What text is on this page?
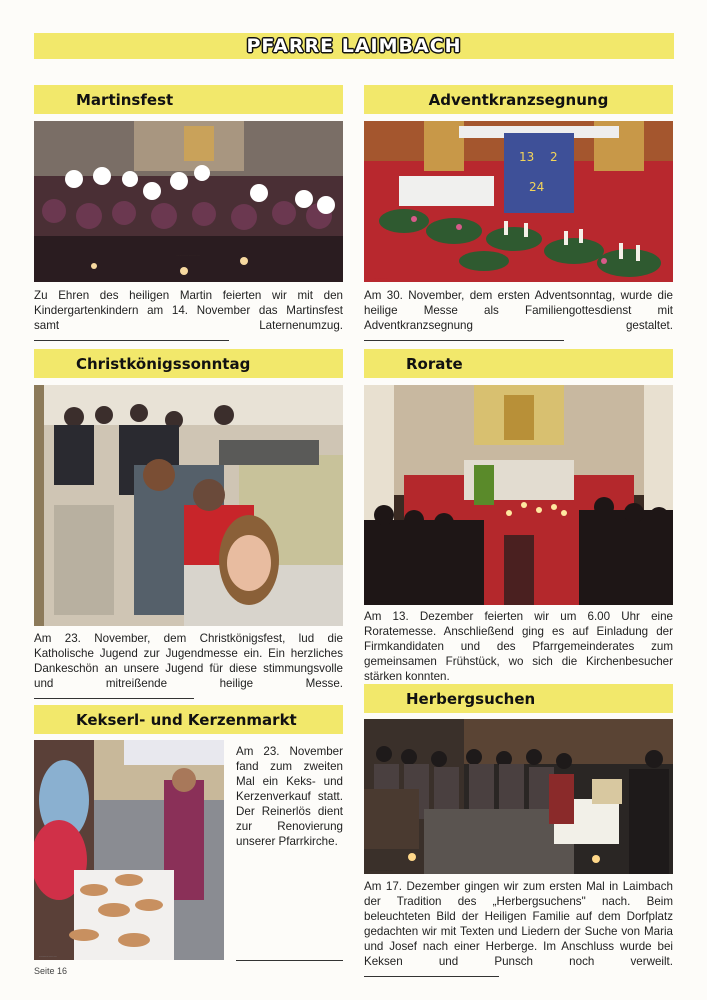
PFARRE LAIMBACH
Martinsfest
Kinder mit leuchtenden Laternen in der Kirche
Zu Ehren des heiligen Martin feierten wir mit den Kindergartenkindern am 14. November das Martinsfest samt Laternenumzug.
Adventkranzsegnung
13 2
24
Adventkränze vor dem Altar
Am 30. November, dem ersten Adventsonntag, wurde die heilige Messe als Familiengottesdienst mit Adventkranzsegnung gestaltet.
Christkönigssonntag
Jugendliche mit Gitarren beim Jugendgottesdienst
Am 23. November, dem Christkönigsfest, lud die Katholische Jugend zur Jugendmesse ein. Ein herzliches Dankeschön an unsere Jugend für diese stimmungsvolle und mitreißende heilige Messe.
Rorate
Kerzenbeleuchteter Kirchenraum bei der Rorate
Am 13. Dezember feierten wir um 6.00 Uhr eine Roratemesse. Anschließend ging es auf Einladung der Firmkandidaten und des Pfarrgemeinderates zum gemeinsamen Frühstück, wo sich die Kirchenbesucher stärken konnten.
Kekserl- und Kerzenmarkt
Verkaufsstand mit Keksen im Freien
Am 23. November fand zum zweiten Mal ein Keks- und Kerzenverkauf statt. Der Reinerlös dient zur Renovierung unserer Pfarrkirche.
Herbergsuchen
Menschen versammelt am Dorfplatz am Abend
Am 17. Dezember gingen wir zum ersten Mal in Laimbach der Tradition des „Herbergsuchens" nach. Beim beleuchteten Bild der Heiligen Familie auf dem Dorfplatz gedachten wir mit Texten und Liedern der Suche von Maria und Josef nach einer Herberge. Im Anschluss wurde bei Keksen und Punsch noch verweilt.
Seite 16
